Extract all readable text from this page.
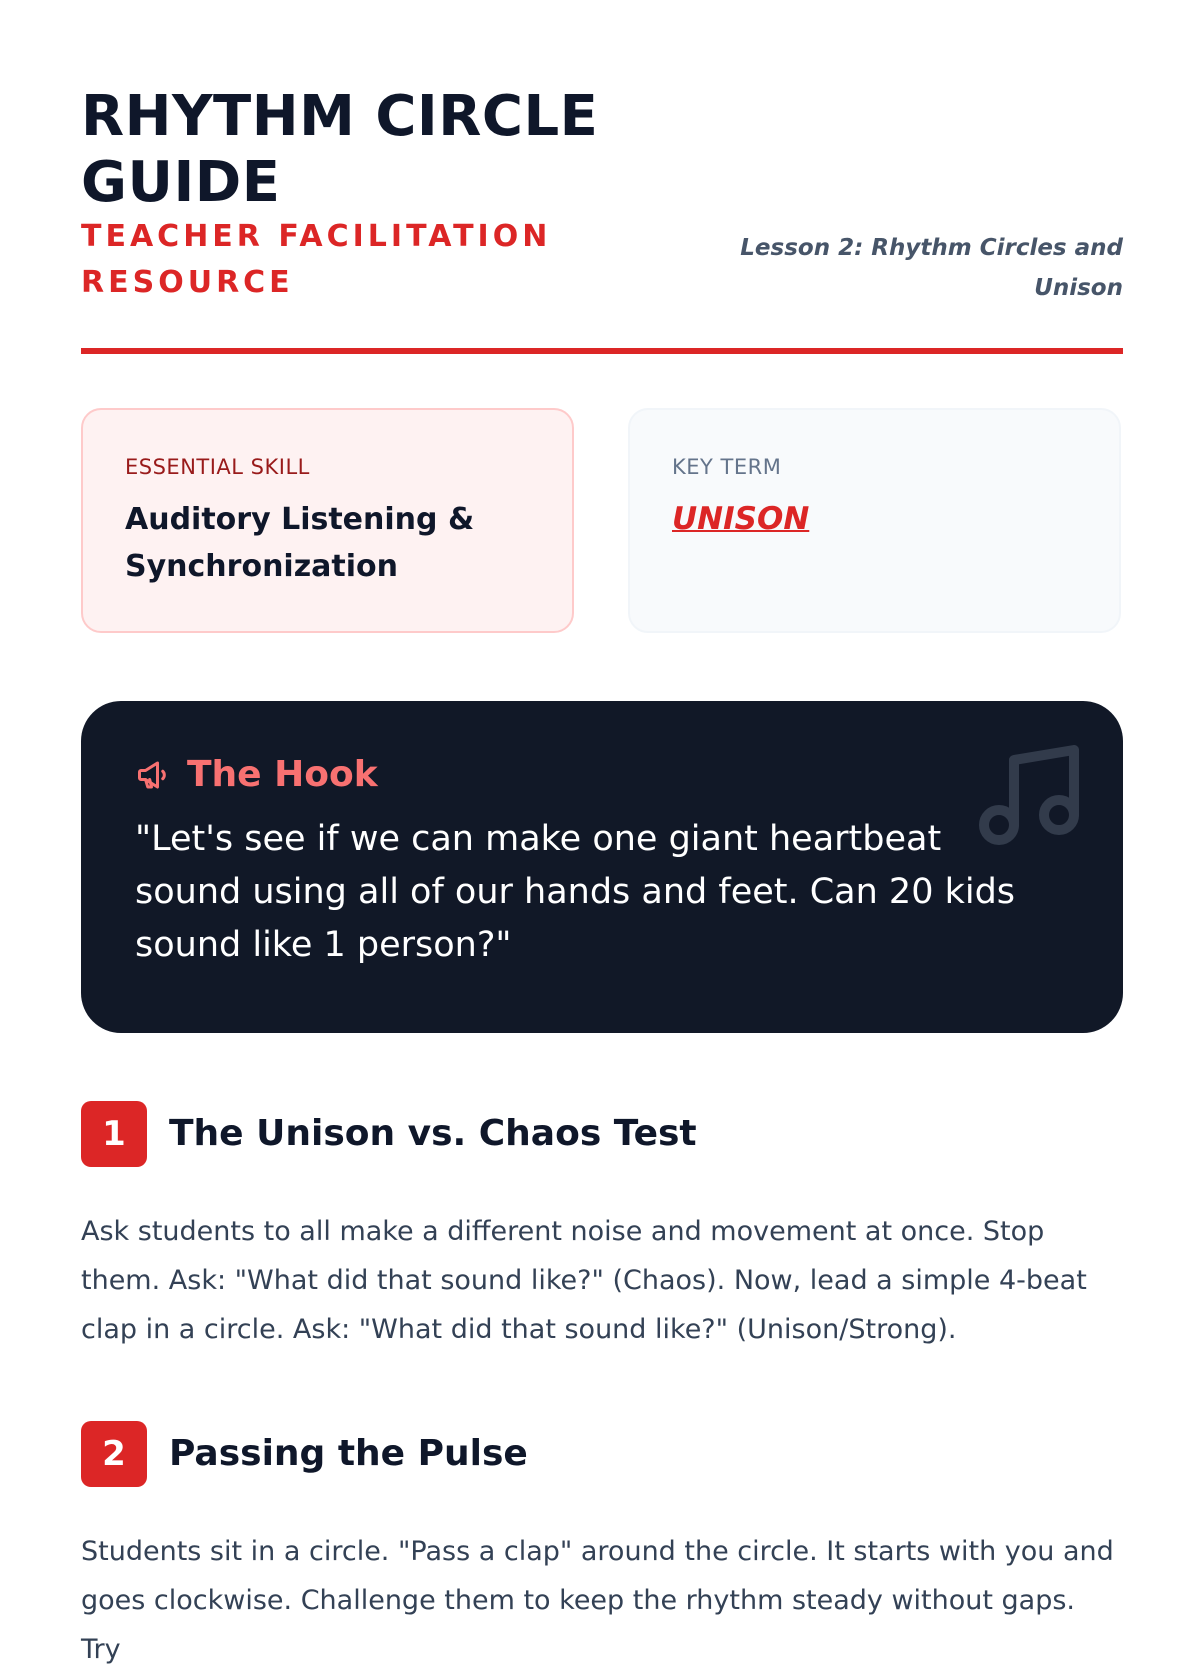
RHYTHM CIRCLE GUIDE
TEACHER FACILITATION RESOURCE
Lesson 2: Rhythm Circles and Unison
ESSENTIAL SKILL
Auditory Listening & Synchronization
KEY TERM
UNISON
The Hook

"Let's see if we can make one giant heartbeat sound using all of our hands and feet. Can 20 kids sound like 1 person?"

1	The Unison vs. Chaos Test

Ask students to all make a different noise and movement at once. Stop them. Ask: "What did that sound like?" (Chaos). Now, lead a simple 4-beat clap in a circle. Ask: "What did that sound like?" (Unison/Strong).

2	Passing the Pulse

Students sit in a circle. "Pass a clap" around the circle. It starts with you and goes clockwise. Challenge them to keep the rhythm steady without gaps. Try
